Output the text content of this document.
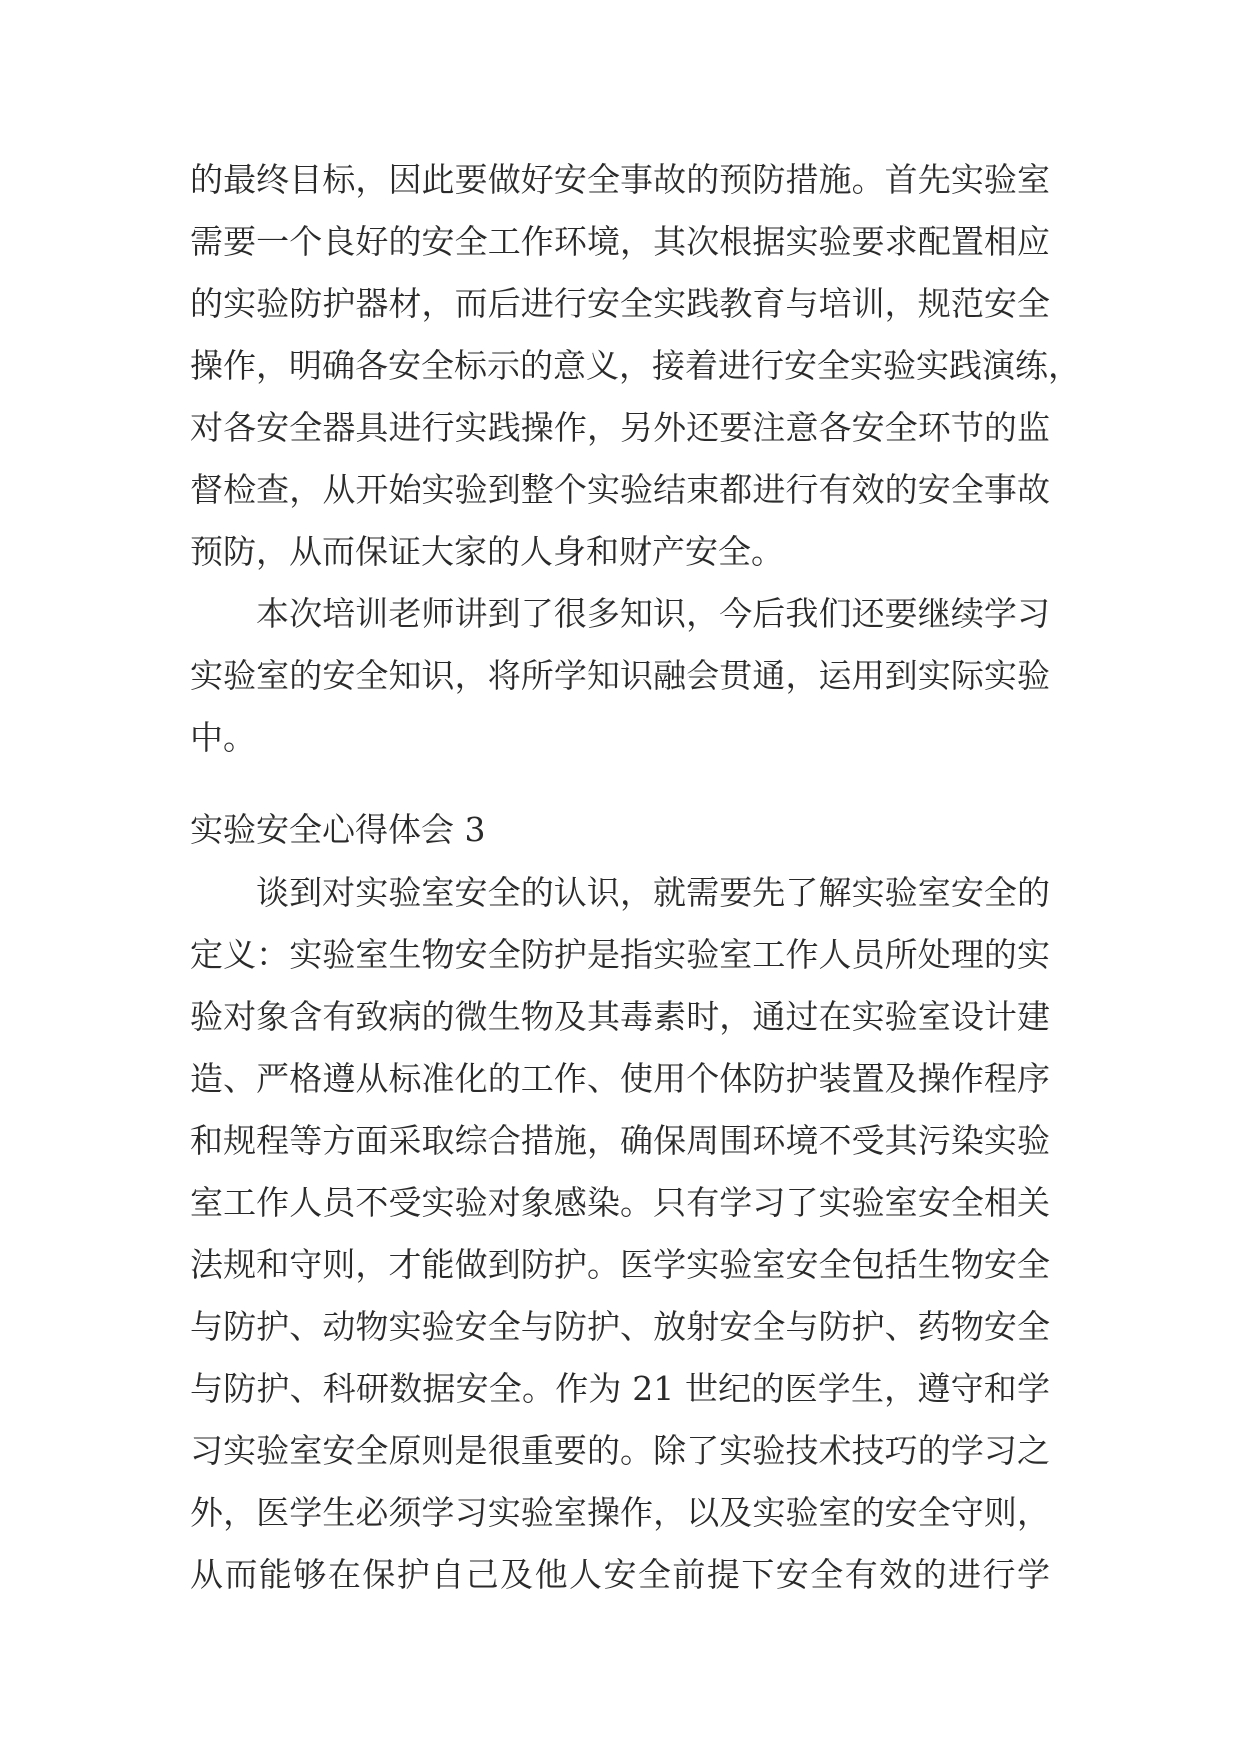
的最终目标，因此要做好安全事故的预防措施。首先实验室
需要一个良好的安全工作环境，其次根据实验要求配置相应
的实验防护器材，而后进行安全实践教育与培训，规范安全
操作，明确各安全标示的意义，接着进行安全实验实践演练，
对各安全器具进行实践操作，另外还要注意各安全环节的监
督检查，从开始实验到整个实验结束都进行有效的安全事故
预防，从而保证大家的人身和财产安全。
本次培训老师讲到了很多知识，今后我们还要继续学习
实验室的安全知识，将所学知识融会贯通，运用到实际实验
中。
实验安全心得体会 3
谈到对实验室安全的认识，就需要先了解实验室安全的
定义：实验室生物安全防护是指实验室工作人员所处理的实
验对象含有致病的微生物及其毒素时，通过在实验室设计建
造、严格遵从标准化的工作、使用个体防护装置及操作程序
和规程等方面采取综合措施，确保周围环境不受其污染实验
室工作人员不受实验对象感染。只有学习了实验室安全相关
法规和守则，才能做到防护。医学实验室安全包括生物安全
与防护、动物实验安全与防护、放射安全与防护、药物安全
与防护、科研数据安全。作为 21 世纪的医学生，遵守和学
习实验室安全原则是很重要的。除了实验技术技巧的学习之
外，医学生必须学习实验室操作，以及实验室的安全守则，
从而能够在保护自己及他人安全前提下安全有效的进行学
